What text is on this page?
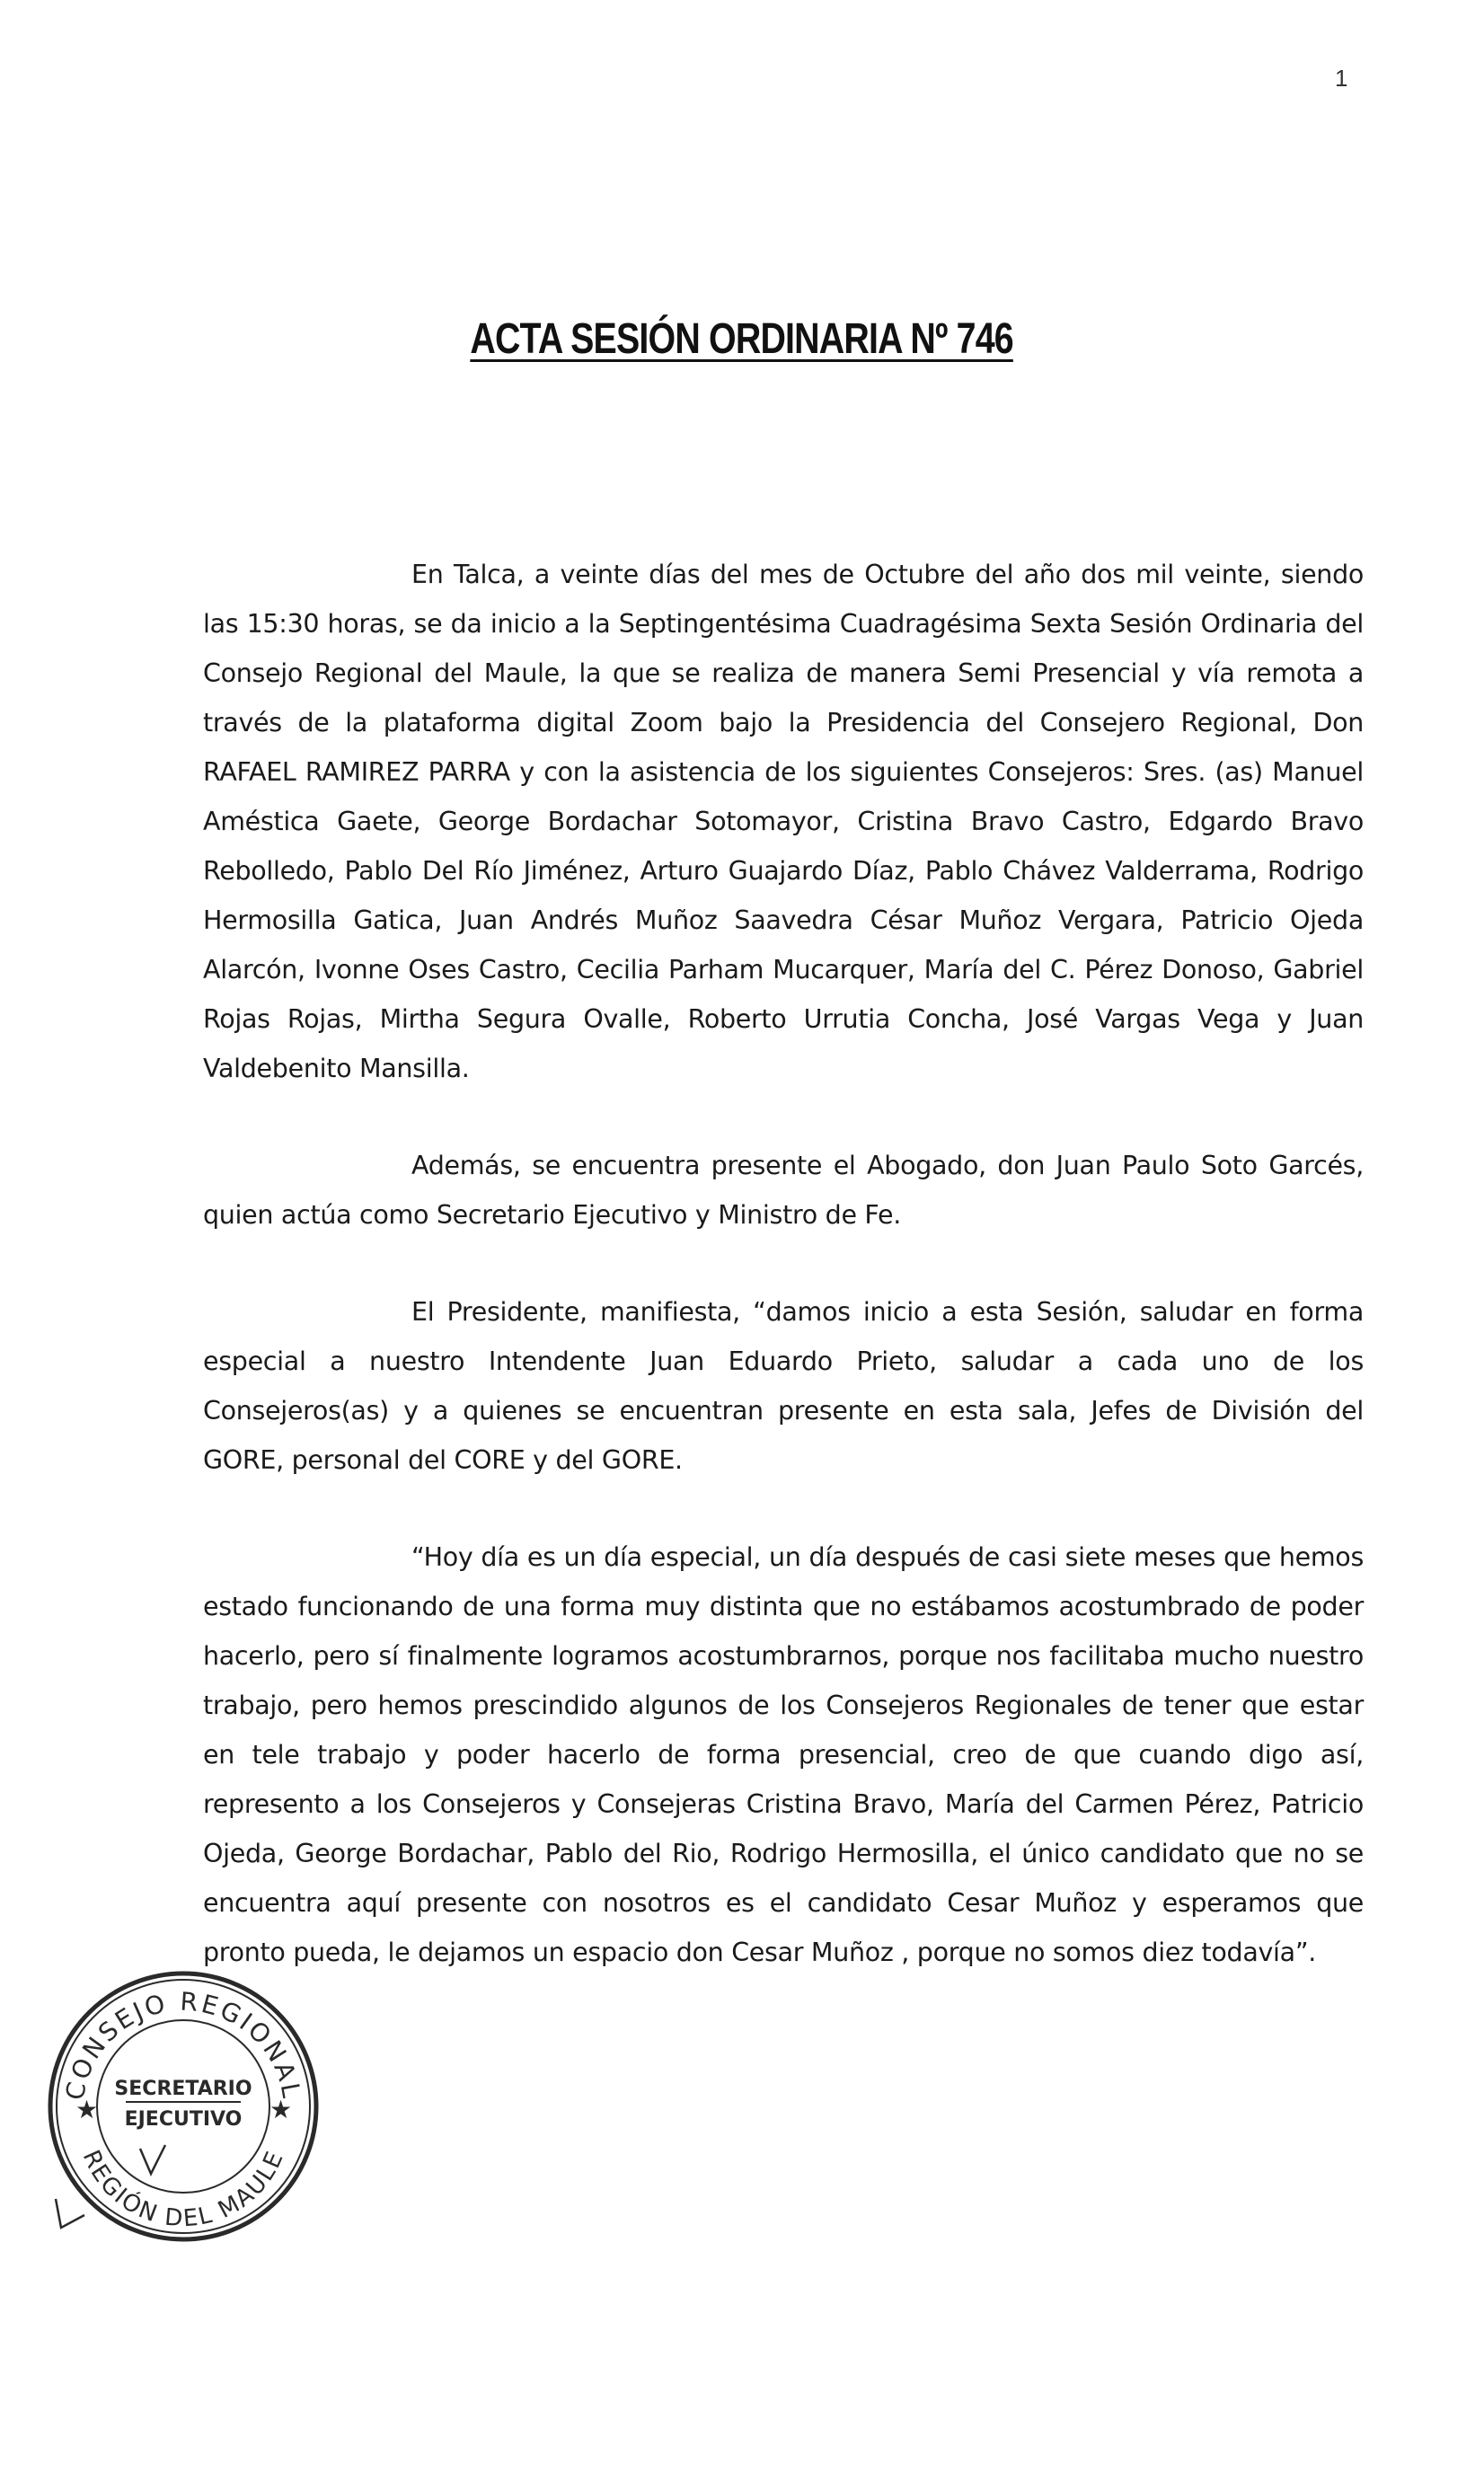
1
ACTA SESIÓN ORDINARIA Nº 746

En Talca, a veinte días del mes de Octubre del año dos mil veinte, siendo las 15:30 horas, se da inicio a la Septingentésima Cuadragésima Sexta Sesión Ordinaria del Consejo Regional del Maule, la que se realiza de manera Semi Presencial y vía remota a través de la plataforma digital Zoom bajo la Presidencia del Consejero Regional, Don RAFAEL RAMIREZ PARRA y con la asistencia de los siguientes Consejeros: Sres. (as) Manuel Améstica Gaete, George Bordachar Sotomayor, Cristina Bravo Castro, Edgardo Bravo Rebolledo, Pablo Del Río Jiménez, Arturo Guajardo Díaz, Pablo Chávez Valderrama, Rodrigo Hermosilla Gatica, Juan Andrés Muñoz Saavedra César Muñoz Vergara, Patricio Ojeda Alarcón, Ivonne Oses Castro, Cecilia Parham Mucarquer, María del C. Pérez Donoso, Gabriel Rojas Rojas, Mirtha Segura Ovalle, Roberto Urrutia Concha, José Vargas Vega y Juan Valdebenito Mansilla.

Además, se encuentra presente el Abogado, don Juan Paulo Soto Garcés, quien actúa como Secretario Ejecutivo y Ministro de Fe.

El Presidente, manifiesta, “damos inicio a esta Sesión, saludar en forma especial a nuestro Intendente Juan Eduardo Prieto, saludar a cada uno de los Consejeros(as) y a quienes se encuentran presente en esta sala, Jefes de División del GORE, personal del CORE y del GORE.

“Hoy día es un día especial, un día después de casi siete meses que hemos estado funcionando de una forma muy distinta que no estábamos acostumbrado de poder hacerlo, pero sí finalmente logramos acostumbrarnos, porque nos facilitaba mucho nuestro trabajo, pero hemos prescindido algunos de los Consejeros Regionales de tener que estar en tele trabajo y poder hacerlo de forma presencial, creo de que cuando digo así, represento a los Consejeros y Consejeras Cristina Bravo, María del Carmen Pérez, Patricio Ojeda, George Bordachar, Pablo del Rio, Rodrigo Hermosilla, el único candidato que no se encuentra aquí presente con nosotros es el candidato Cesar Muñoz y esperamos que pronto pueda, le dejamos un espacio don Cesar Muñoz , porque no somos diez todavía”.

CONSEJO REGIONAL
REGIÓN DEL MAULE
★	★
SECRETARIO
EJECUTIVO
